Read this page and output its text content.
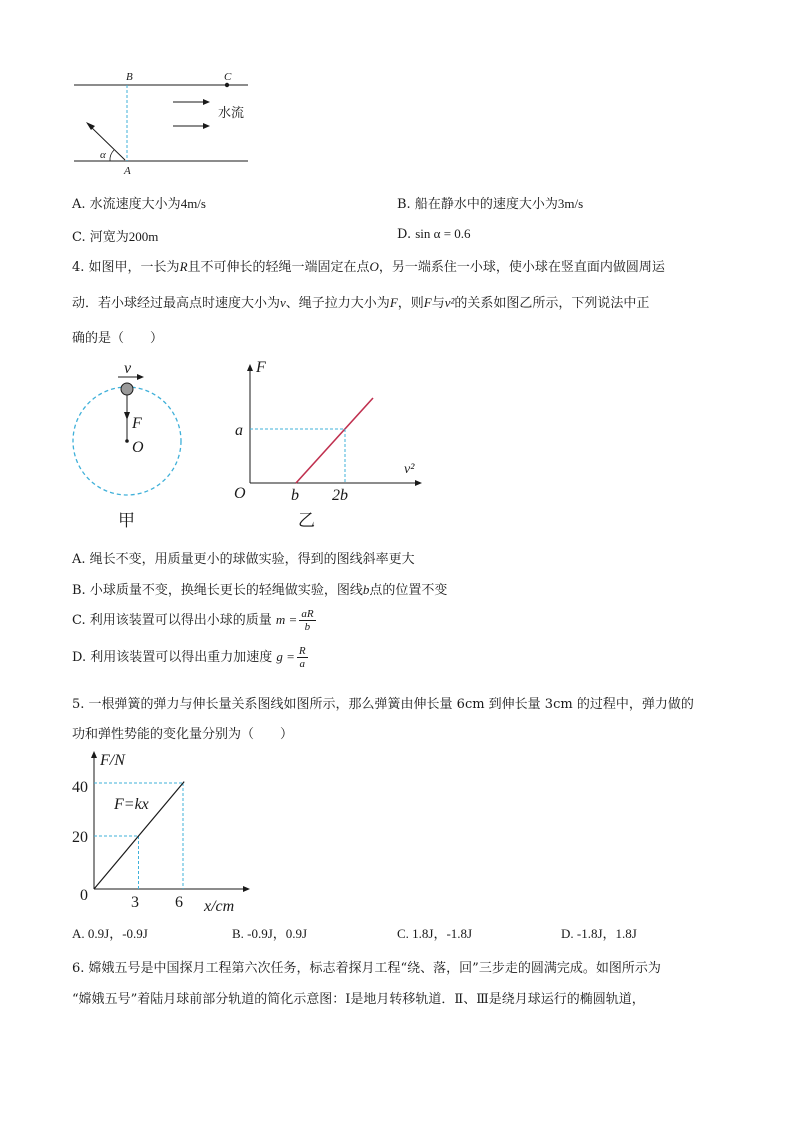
B	C
A
α
水流
A. 水流速度大小为4m/s	B. 船在静水中的速度大小为3m/s
C. 河宽为200m	D. sin α = 0.6
4. 如图甲，一长为R且不可伸长的轻绳一端固定在点O，另一端系住一小球，使小球在竖直面内做圆周运
动．若小球经过最高点时速度大小为v、绳子拉力大小为F，则F与v²的关系如图乙所示，下列说法中正
确的是（　　）
v
F
O
甲
F
a
O	b 2b
v²
乙
A. 绳长不变，用质量更小的球做实验，得到的图线斜率更大
B. 小球质量不变，换绳长更长的轻绳做实验，图线b点的位置不变
C. 利用该装置可以得出小球的质量 $m = \frac{aR}{b}$
D. 利用该装置可以得出重力加速度 $g = \frac{R}{a}$
5. 一根弹簧的弹力与伸长量关系图线如图所示，那么弹簧由伸长量 6cm 到伸长量 3cm 的过程中，弹力做的
功和弹性势能的变化量分别为（　　）
F/N
F=kx
40
20
0	3 6 x/cm
A. 0.9J，-0.9J	B. -0.9J，0.9J	C. 1.8J，-1.8J	D. -1.8J，1.8J
6. 嫦娥五号是中国探月工程第六次任务，标志着探月工程“绕、落，回”三步走的圆满完成。如图所示为
“嫦娥五号”着陆月球前部分轨道的简化示意图：Ⅰ是地月转移轨道．Ⅱ、Ⅲ是绕月球运行的椭圆轨道，
